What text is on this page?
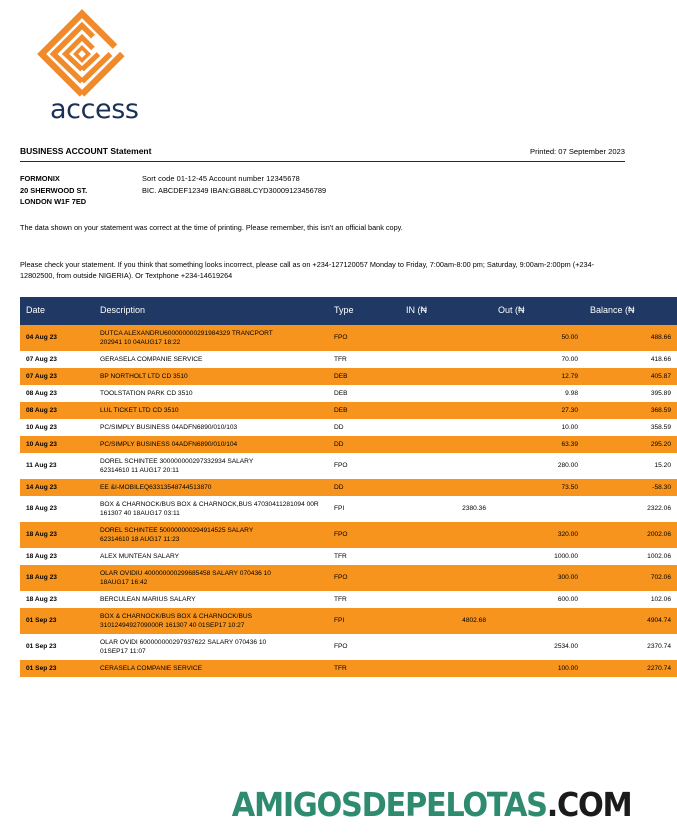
access
BUSINESS ACCOUNT Statement	Printed: 07 September 2023
FORMONIX
20 SHERWOOD ST.
LONDON W1F 7ED
Sort code 01-12-45 Account number 12345678
BIC. ABCDEF12349 IBAN:GB88LCYD30009123456789
The data shown on your statement was correct at the time of printing. Please remember, this isn't an official bank copy.
Please check your statement. If you think that something looks incorrect, please call as on +234-127120057 Monday to Friday, 7:00am-8:00 pm; Saturday, 9:00am-2:00pm (+234-12802500, from outside NIGERIA). Or Textphone +234-14619264
Date	Description	Type	IN (₦	Out (₦	Balance (₦
04 Aug 23	DUTCA ALEXANDRU600000000291984329 TRANCPORT
202941 10 04AUG17 18:22	FPO		50.00	488.66
07 Aug 23	GERASELA COMPANIE SERVICE	TFR		70.00	418.66
07 Aug 23	BP NORTHOLT LTD CD 3510	DEB		12.79	405.87
08 Aug 23	TOOLSTATION PARK CD 3510	DEB		9.98	395.89
08 Aug 23	LUL TICKET LTD CD 3510	DEB		27.30	368.59
10 Aug 23	PC/SIMPLY BUSINESS 04ADFN6890/010/103	DD		10.00	358.59
10 Aug 23	PC/SIMPLY BUSINESS 04ADFN6890/010/104	DD		63.39	295.20
11 Aug 23	DOREL SCHINTEE 300000000297332934 SALARY
62314610 11 AUG17 20:11	FPO		280.00	15.20
14 Aug 23	EE &I-MOBILEQ63313548744513870	DD		73.50	-58.30
18 Aug 23	BOX & CHARNOCK/BUS BOX & CHARNOCK,BUS 47030411281094 00R
161307 40 18AUG17 03:11	FPI	2380.36		2322.06
18 Aug 23	DOREL SCHINTEE 500000000294914525 SALARY
62314610 18 AUG17 11:23	FPO		320.00	2002.06
18 Aug 23	ALEX MUNTEAN SALARY	TFR		1000.00	1002.06
18 Aug 23	OLAR OVIDIU 400000000299685458 SALARY 070436 10
18AUG17 16:42	FPO		300.00	702.06
18 Aug 23	BERCULEAN MARIUS SALARY	TFR		600.00	102.06
01 Sep 23	BOX & CHARNOCK/BUS BOX & CHARNOCK/BUS
3101249492709000R 161307 40 01SEP17 10:27	FPI	4802.68		4904.74
01 Sep 23	OLAR OVIDI 600000000297937622 SALARY 070436 10
01SEP17 11:07	FPO		2534.00	2370.74
01 Sep 23	CERASELA COMPANIE SERVICE	TFR		100.00	2270.74
AMIGOSDEPELOTAS.COM
